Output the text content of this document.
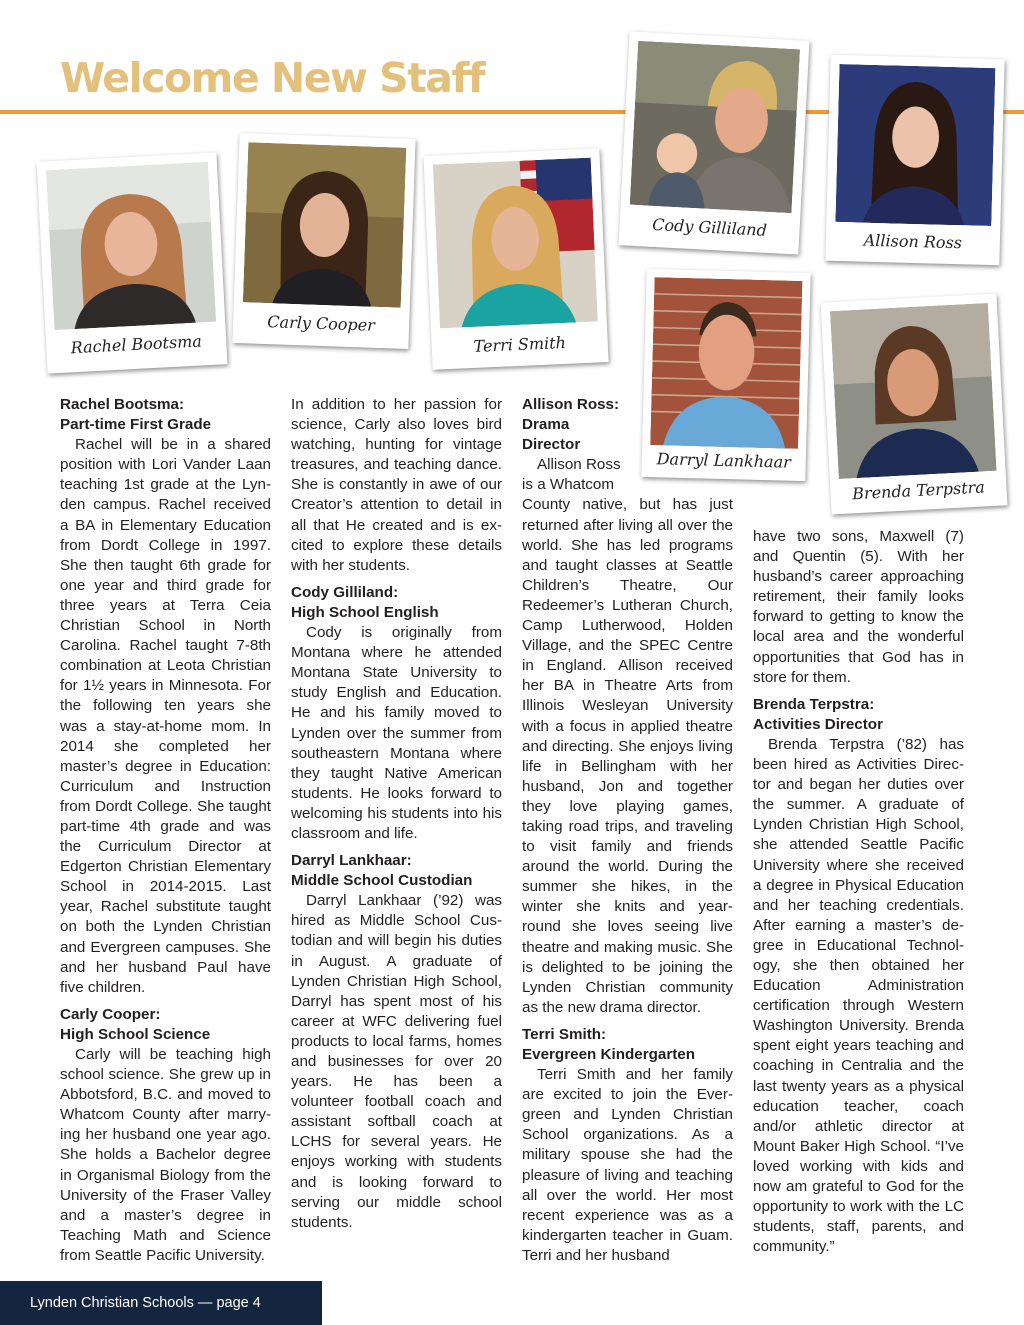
Welcome New Staff
Rachel Bootsma
Carly Cooper
Terri Smith
Cody Gilliland
Allison Ross
Darryl Lankhaar
Brenda Terpstra
Rachel Bootsma:
Part-time First Grade

Rachel will be in a shared position with Lori Vander Laan teaching 1st grade at the Lynden campus. Rachel received a BA in Elementary Education from Dordt College in 1997. She then taught 6th grade for one year and third grade for three years at Terra Ceia Christian School in North Carolina. Rachel taught 7-8th combination at Leota Christian for 1½ years in Minnesota. For the following ten years she was a stay-at-home mom. In 2014 she completed her master’s degree in Education: Curriculum and Instruction from Dordt College. She taught part-time 4th grade and was the Curriculum Director at Edgerton Christian Elementary School in 2014-2015. Last year, Rachel substitute taught on both the Lynden Christian and Evergreen campuses. She and her husband Paul have five children.

Carly Cooper:
High School Science

Carly will be teaching high school science. She grew up in Abbotsford, B.C. and moved to Whatcom County after marrying her husband one year ago. She holds a Bachelor degree in Organismal Biology from the University of the Fraser Valley and a master’s degree in Teaching Math and Science from Seattle Pacific University.

In addition to her passion for science, Carly also loves bird watching, hunting for vintage treasures, and teaching dance. She is constantly in awe of our Creator’s attention to detail in all that He created and is excited to explore these details with her students.

Cody Gilliland:
High School English

Cody is originally from Montana where he attended Montana State University to study English and Education. He and his family moved to Lynden over the summer from southeastern Montana where they taught Native American students. He looks forward to welcoming his students into his classroom and life.

Darryl Lankhaar:
Middle School Custodian

Darryl Lankhaar (’92) was hired as Middle School Custodian and will begin his duties in August. A graduate of Lynden Christian High School, Darryl has spent most of his career at WFC delivering fuel products to local farms, homes and businesses for over 20 years. He has been a volunteer football coach and assistant softball coach at LCHS for several years. He enjoys working with students and is looking forward to serving our middle school students.

Allison Ross:
Drama
Director
Allison Ross
is a Whatcom

County native, but has just returned after living all over the world. She has led programs and taught classes at Seattle Children’s Theatre, Our Redeemer’s Lutheran Church, Camp Lutherwood, Holden Village, and the SPEC Centre in England. Allison received her BA in Theatre Arts from Illinois Wesleyan University with a focus in applied theatre and directing. She enjoys living life in Bellingham with her husband, Jon and together they love playing games, taking road trips, and traveling to visit family and friends around the world. During the summer she hikes, in the winter she knits and year-round she loves seeing live theatre and making music. She is delighted to be joining the Lynden Christian community as the new drama director.

Terri Smith:
Evergreen Kindergarten

Terri Smith and her family are excited to join the Evergreen and Lynden Christian School organizations. As a military spouse she had the pleasure of living and teaching all over the world. Her most recent experience was as a kindergarten teacher in Guam. Terri and her husband

have two sons, Maxwell (7) and Quentin (5). With her husband’s career approaching retirement, their family looks forward to getting to know the local area and the wonderful opportunities that God has in store for them.

Brenda Terpstra:
Activities Director

Brenda Terpstra (’82) has been hired as Activities Director and began her duties over the summer. A graduate of Lynden Christian High School, she attended Seattle Pacific University where she received a degree in Physical Education and her teaching credentials. After earning a master’s degree in Educational Technology, she then obtained her Education Administration certification through Western Washington University. Brenda spent eight years teaching and coaching in Centralia and the last twenty years as a physical education teacher, coach and/or athletic director at Mount Baker High School. “I’ve loved working with kids and now am grateful to God for the opportunity to work with the LC students, staff, parents, and community.”

Lynden Christian Schools — page 4
